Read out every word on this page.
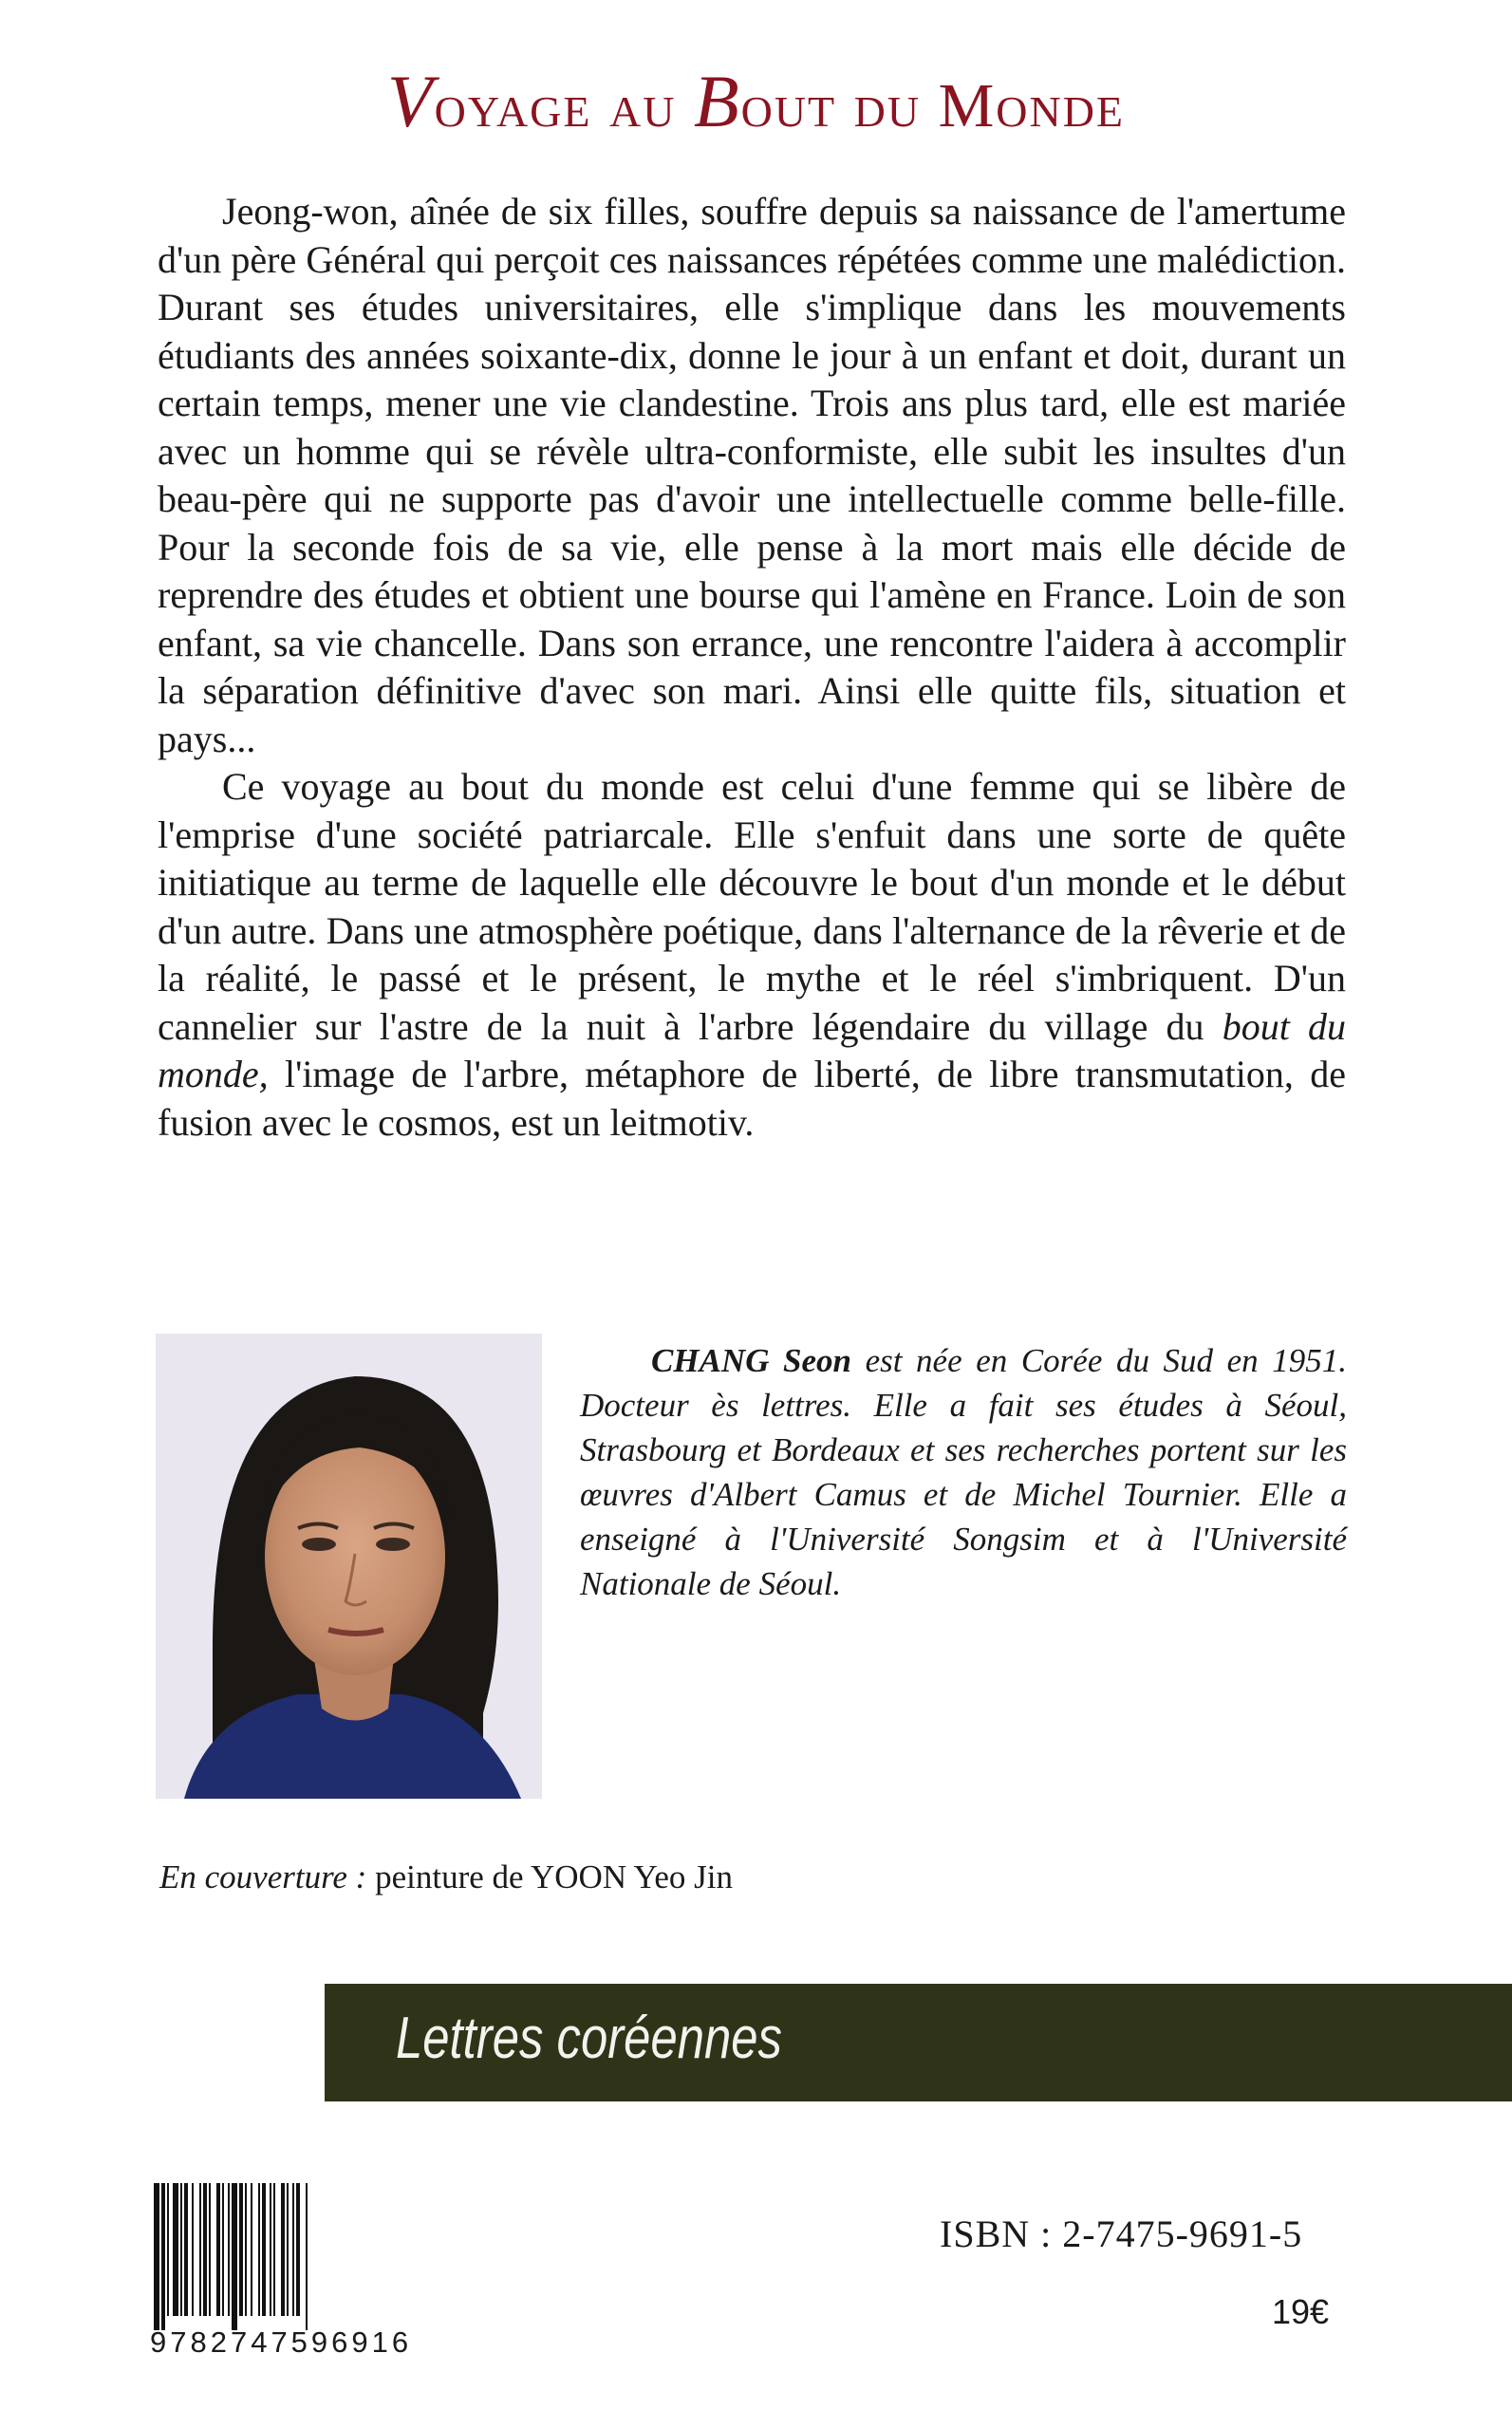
Voyage au Bout du Monde

Jeong-won, aînée de six filles, souffre depuis sa naissance de l'amertume d'un père Général qui perçoit ces naissances répétées comme une malédiction. Durant ses études universitaires, elle s'implique dans les mouvements étudiants des années soixante-dix, donne le jour à un enfant et doit, durant un certain temps, mener une vie clandestine. Trois ans plus tard, elle est mariée avec un homme qui se révèle ultra-conformiste, elle subit les insultes d'un beau-père qui ne supporte pas d'avoir une intellectuelle comme belle-fille. Pour la seconde fois de sa vie, elle pense à la mort mais elle décide de reprendre des études et obtient une bourse qui l'amène en France. Loin de son enfant, sa vie chancelle. Dans son errance, une rencontre l'aidera à accomplir la séparation définitive d'avec son mari. Ainsi elle quitte fils, situation et pays...

Ce voyage au bout du monde est celui d'une femme qui se libère de l'emprise d'une société patriarcale. Elle s'enfuit dans une sorte de quête initiatique au terme de laquelle elle découvre le bout d'un monde et le début d'un autre. Dans une atmosphère poétique, dans l'alternance de la rêverie et de la réalité, le passé et le présent, le mythe et le réel s'imbriquent. D'un cannelier sur l'astre de la nuit à l'arbre légendaire du village du bout du monde, l'image de l'arbre, métaphore de liberté, de libre transmutation, de fusion avec le cosmos, est un leitmotiv.

CHANG Seon est née en Corée du Sud en 1951. Docteur ès lettres. Elle a fait ses études à Séoul, Strasbourg et Bordeaux et ses recherches portent sur les œuvres d'Albert Camus et de Michel Tournier. Elle a enseigné à l'Université Songsim et à l'Université Nationale de Séoul.

En couverture : peinture de YOON Yeo Jin
Lettres coréennes
9782747596916
ISBN : 2-7475-9691-5
19€
